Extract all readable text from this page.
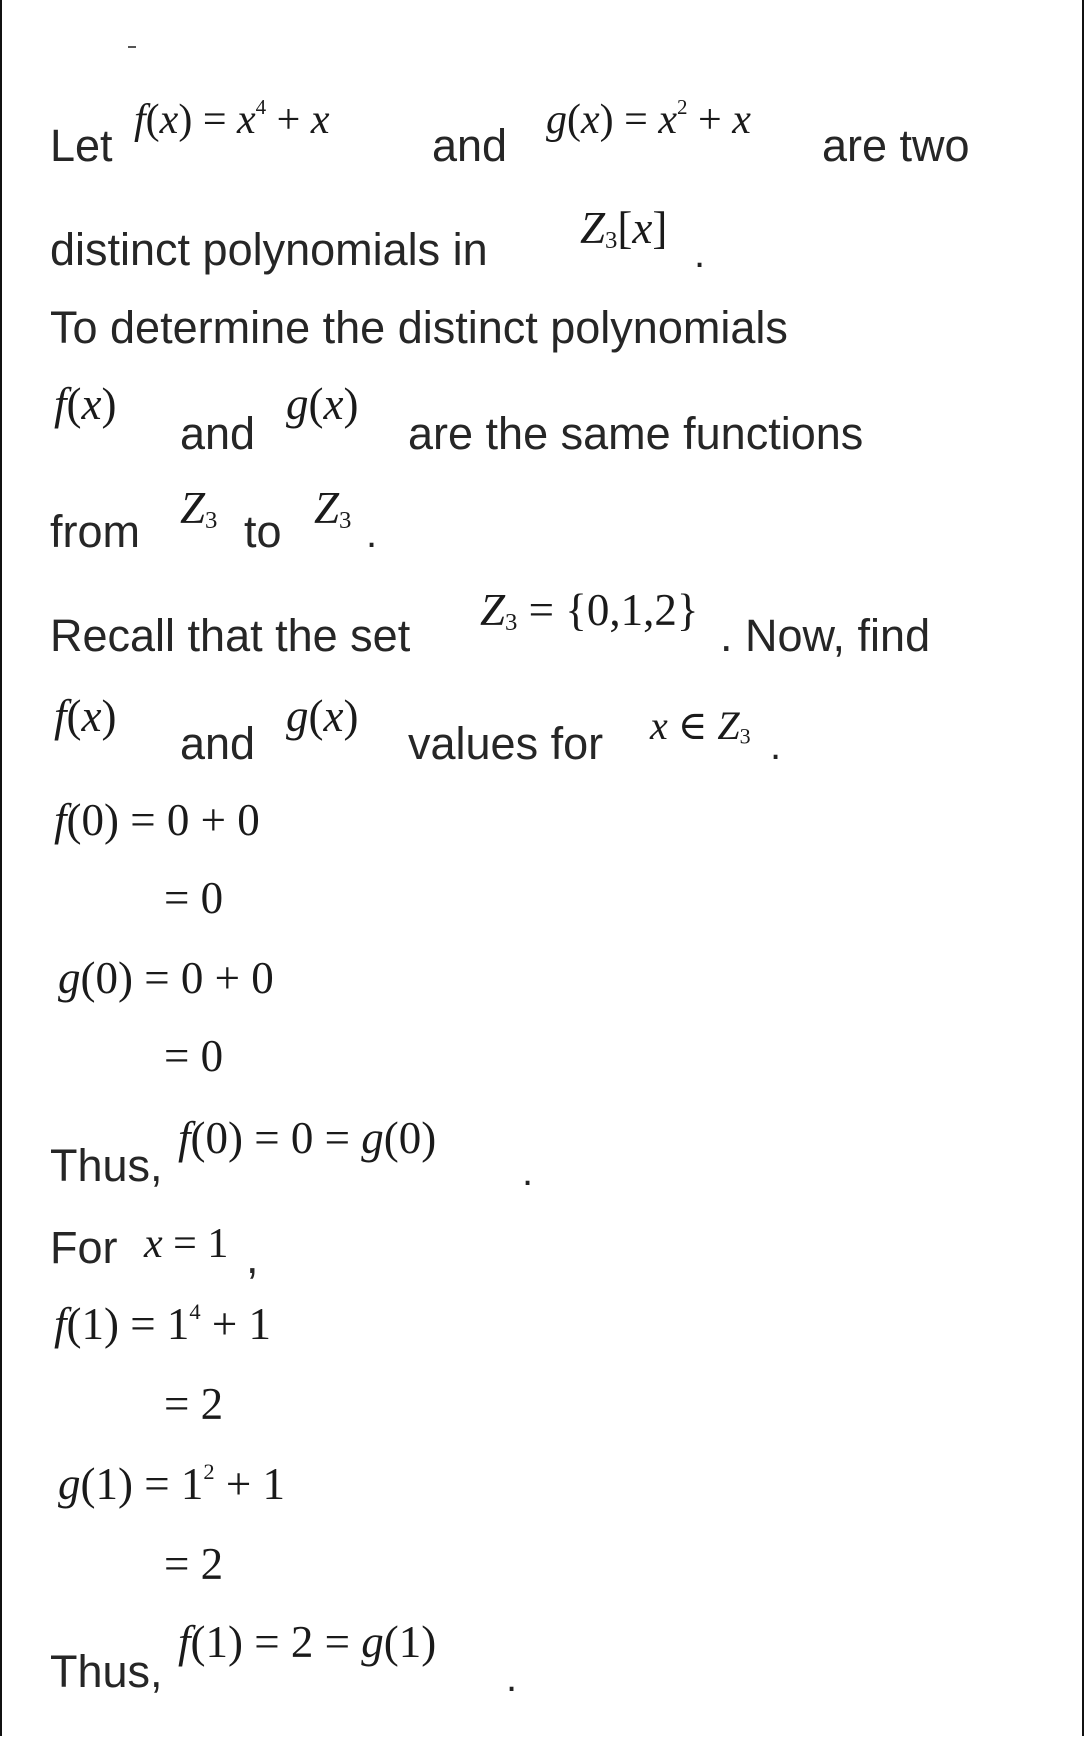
Let $f(x) = x^4 + x$ and $g(x) = x^2 + x$ are two
distinct polynomials in $Z_3[x]$
.
To determine the distinct polynomials
f(x)
and
g(x)
are the same functions
from $Z_3$ to $Z_3$ .
Recall that the set $Z_3 = \{0,1,2\}$ . Now, find
f(x)
and
g(x)
values for x ∈ $Z_3$ .
f(0) = 0 + 0
= 0
g(0) = 0 + 0
= 0
Thus,
f(0) = 0 = g(0)
.
For x = 1 ,
$f(1) = 1^4 + 1$
= 2
$g(1) = 1^2 + 1$
= 2
Thus,
f(1) = 2 = g(1)
.
